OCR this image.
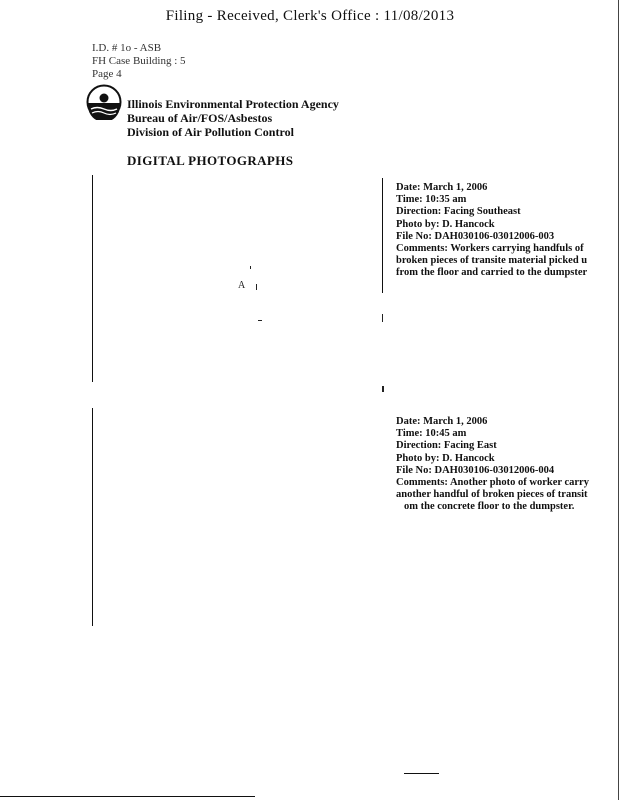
Filing - Received, Clerk's Office : 11/08/2013
I.D. # 1o - ASB
FH Case Building : 5
Page 4
Illinois Environmental Protection Agency
Bureau of Air/FOS/Asbestos
Division of Air Pollution Control
DIGITAL PHOTOGRAPHS
A
Date: March 1, 2006
Time: 10:35 am
Direction: Facing Southeast
Photo by: D. Hancock
File No: DAH030106-03012006-003
Comments: Workers carrying handfuls of
broken pieces of transite material picked u
from the floor and carried to the dumpster
Date: March 1, 2006
Time: 10:45 am
Direction: Facing East
Photo by: D. Hancock
File No: DAH030106-03012006-004
Comments: Another photo of worker carry
another handful of broken pieces of transit
om the concrete floor to the dumpster.
